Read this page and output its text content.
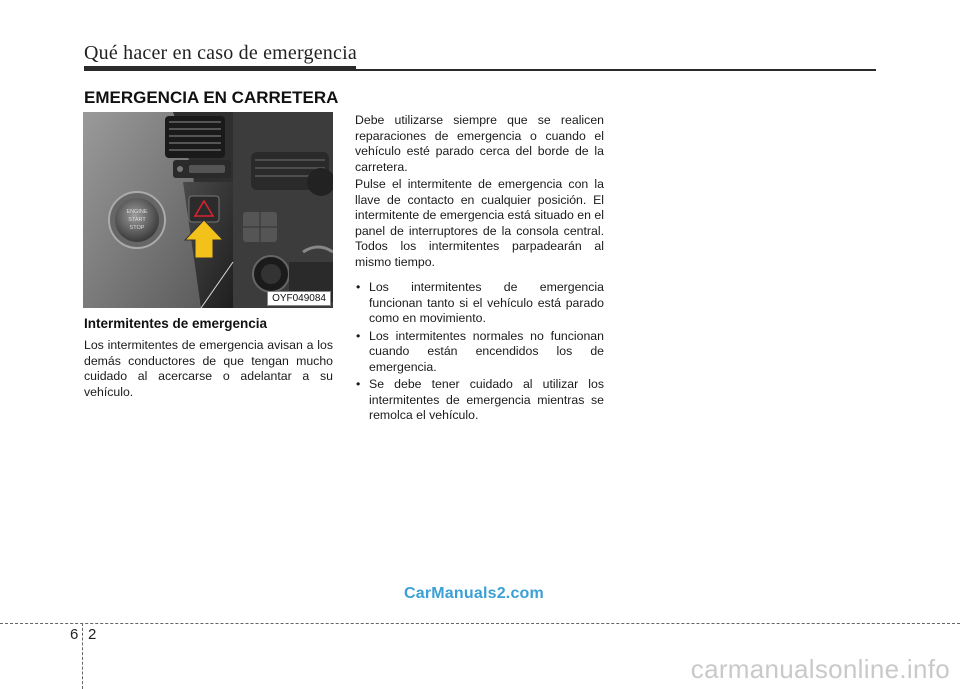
Qué hacer en caso de emergencia
EMERGENCIA EN CARRETERA
ENGINE
START
STOP
OYF049084
Intermitentes de emergencia
Los intermitentes de emergencia avisan a los demás conductores de que tengan mucho cuidado al acercarse o adelantar a su vehículo.

Debe utilizarse siempre que se realicen reparaciones de emergencia o cuando el vehículo esté parado cerca del borde de la carretera.

Pulse el intermitente de emergencia con la llave de contacto en cualquier posición. El intermitente de emergencia está situado en el panel de interruptores de la consola central. Todos los intermitentes parpadearán al mismo tiempo.

• Los intermitentes de emergencia funcionan tanto si el vehículo está parado como en movimiento.
• Los intermitentes normales no funcionan cuando están encendidos los de emergencia.
• Se debe tener cuidado al utilizar los intermitentes de emergencia mientras se remolca el vehículo.
CarManuals2.com
6 2
carmanualsonline.info
